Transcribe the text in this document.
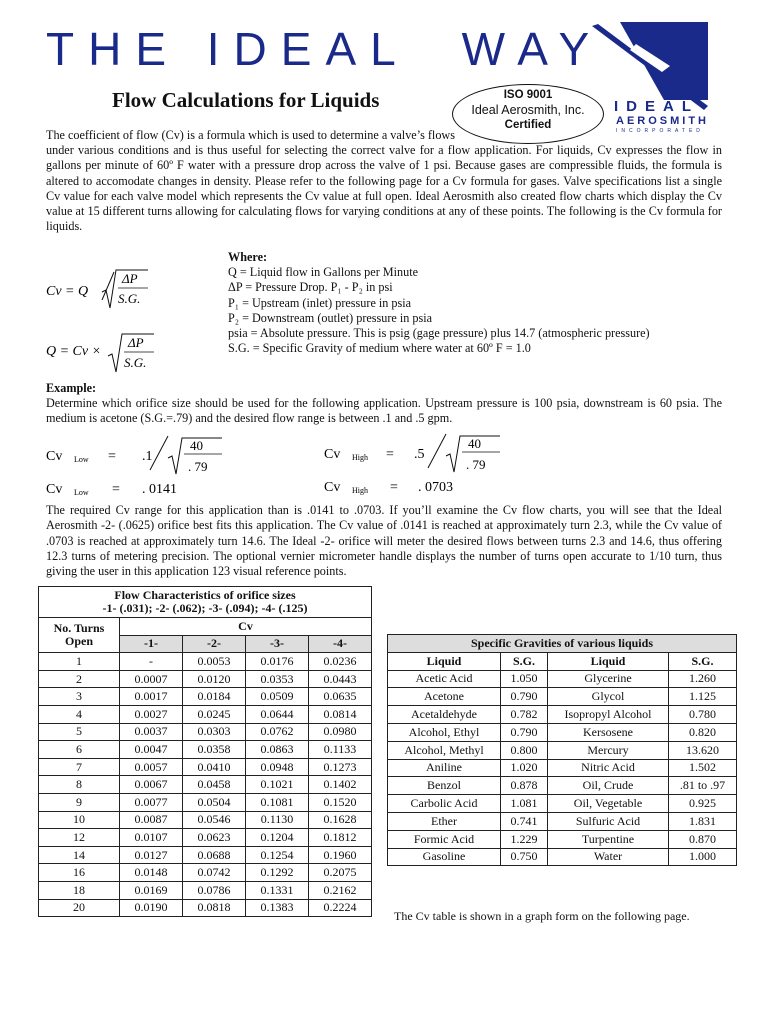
THE IDEAL  WAY
Flow Calculations for Liquids	ISO 9001
Ideal Aerosmith, Inc.
Certified
IDEAL
AEROSMITH
INCORPORATED
The coefficient of flow (Cv) is a formula which is used to determine a valve’s flows
under various conditions and is thus useful for selecting the correct valve for a flow application. For liquids, Cv expresses the flow in gallons per minute of 60º F water with a pressure drop across the valve of 1 psi. Because gases are compressible fluids, the formula is altered to accomodate changes in density. Please refer to the following page for a Cv formula for gases. Valve specifications list a single Cv value for each valve model which represents the Cv value at full open. Ideal Aerosmith also created flow charts which display the Cv value at 15 different turns allowing for calculating flows for varying conditions at any of these points. The following is the Cv formula for liquids.
Cv = Q
ΔP
S.G.
Q = Cv ×
ΔP
S.G.
Where:
Q = Liquid flow in Gallons per Minute
ΔP = Pressure Drop. P₁ - P₂ in psi
P₁ = Upstream (inlet) pressure in psia
P₂ = Downstream (outlet) pressure in psia
psia = Absolute pressure. This is psig (gage pressure) plus 14.7 (atmospheric pressure)
S.G. = Specific Gravity of medium where water at 60º F = 1.0
Example:
Determine which orifice size should be used for the following application. Upstream pressure is 100 psia, downstream is 60 psia. The medium is acetone (S.G.=.79) and the desired flow range is between .1 and .5 gpm.
Cv Low = .1
40
. 79
Cv High = .5
40
. 79
Cv Low = . 0141	Cv High = . 0703
The required Cv range for this application than is .0141 to .0703. If you’ll examine the Cv flow charts, you will see that the Ideal Aerosmith -2- (.0625) orifice best fits this application. The Cv value of .0141 is reached at approximately turn 2.3, while the Cv value of .0703 is reached at approximately turn 14.6. The Ideal -2- orifice will meter the desired flows between turns 2.3 and 14.6, thus offering 12.3 turns of metering precision. The optional vernier micrometer handle displays the number of turns open accurate to 1/10 turn, thus giving the user in this application 123 visual reference points.
Flow Characteristics of orifice sizes
-1- (.031); -2- (.062); -3- (.094); -4- (.125)				

No. Turns
Open	Cv			
	-1-	-2-	-3-	-4-
1	-	0.0053	0.0176	0.0236
2	0.0007	0.0120	0.0353	0.0443
3	0.0017	0.0184	0.0509	0.0635
4	0.0027	0.0245	0.0644	0.0814
5	0.0037	0.0303	0.0762	0.0980
6	0.0047	0.0358	0.0863	0.1133
7	0.0057	0.0410	0.0948	0.1273
8	0.0067	0.0458	0.1021	0.1402
9	0.0077	0.0504	0.1081	0.1520
10	0.0087	0.0546	0.1130	0.1628
12	0.0107	0.0623	0.1204	0.1812
14	0.0127	0.0688	0.1254	0.1960
16	0.0148	0.0742	0.1292	0.2075
18	0.0169	0.0786	0.1331	0.2162
20	0.0190	0.0818	0.1383	0.2224
Specific Gravities of various liquids			
Liquid	S.G.	Liquid	S.G.
Acetic Acid	1.050	Glycerine	1.260
Acetone	0.790	Glycol	1.125
Acetaldehyde	0.782	Isopropyl Alcohol	0.780
Alcohol, Ethyl	0.790	Kersosene	0.820
Alcohol, Methyl	0.800	Mercury	13.620
Aniline	1.020	Nitric Acid	1.502
Benzol	0.878	Oil, Crude	.81 to .97
Carbolic Acid	1.081	Oil, Vegetable	0.925
Ether	0.741	Sulfuric Acid	1.831
Formic Acid	1.229	Turpentine	0.870
Gasoline	0.750	Water	1.000
The Cv table is shown in a graph form on the following page.
